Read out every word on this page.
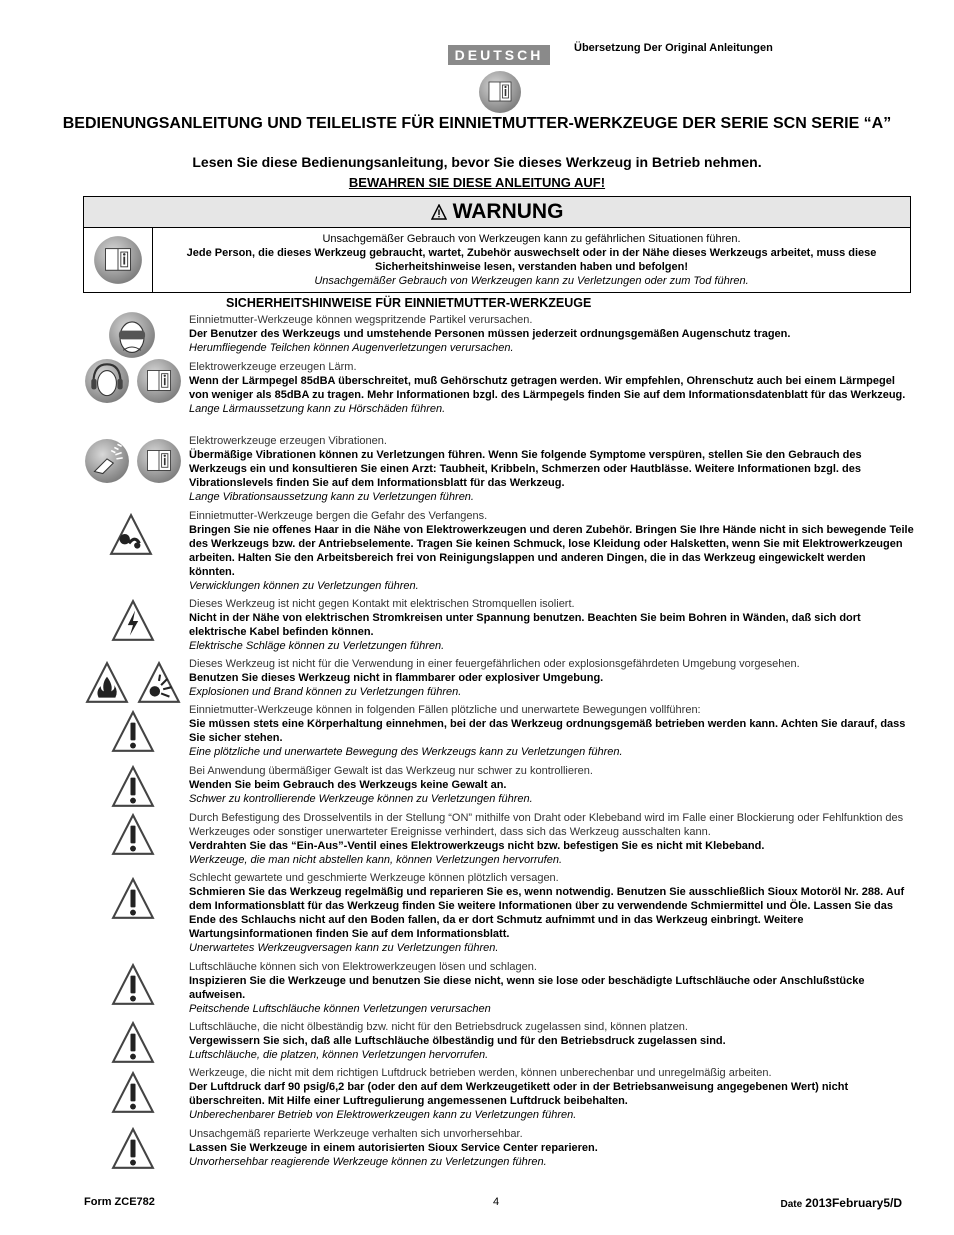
DEUTSCH	Übersetzung Der Original Anleitungen
BEDIENUNGSANLEITUNG UND TEILELISTE FÜR EINNIETMUTTER-WERKZEUGE DER SERIE SCN SERIE “A”
Lesen Sie diese Bedienungsanleitung, bevor Sie dieses Werkzeug in Betrieb nehmen.
BEWAHREN SIE DIESE ANLEITUNG AUF!
WARNUNG
Unsachgemäßer Gebrauch von Werkzeugen kann zu gefährlichen Situationen führen.
Jede Person, die dieses Werkzeug gebraucht, wartet, Zubehör auswechselt oder in der Nähe dieses Werkzeugs arbeitet, muss diese Sicherheitshinweise lesen, verstanden haben und befolgen!
Unsachgemäßer Gebrauch von Werkzeugen kann zu Verletzungen oder zum Tod führen.
SICHERHEITSHINWEISE FÜR EINNIETMUTTER-WERKZEUGE
Einnietmutter-Werkzeuge können wegspritzende Partikel verursachen.
Der Benutzer des Werkzeugs und umstehende Personen müssen jederzeit ordnungsgemäßen Augenschutz tragen.
Herumfliegende Teilchen können Augenverletzungen verursachen.
Elektrowerkzeuge erzeugen Lärm.
Wenn der Lärmpegel 85dBA überschreitet, muß Gehörschutz getragen werden. Wir empfehlen, Ohrenschutz auch bei einem Lärmpegel von weniger als 85dBA zu tragen. Mehr Informationen bzgl. des Lärmpegels finden Sie auf dem Informationsdatenblatt für das Werkzeug.
Lange Lärmaussetzung kann zu Hörschäden führen.
Elektrowerkzeuge erzeugen Vibrationen.
Übermäßige Vibrationen können zu Verletzungen führen. Wenn Sie folgende Symptome verspüren, stellen Sie den Gebrauch des Werkzeugs ein und konsultieren Sie einen Arzt: Taubheit, Kribbeln, Schmerzen oder Hautblässe. Weitere Informationen bzgl. des Vibrationslevels finden Sie auf dem Informationsblatt für das Werkzeug.
Lange Vibrationsaussetzung kann zu Verletzungen führen.
Einnietmutter-Werkzeuge bergen die Gefahr des Verfangens.
Bringen Sie nie offenes Haar in die Nähe von Elektrowerkzeugen und deren Zubehör. Bringen Sie Ihre Hände nicht in sich bewegende Teile des Werkzeugs bzw. der Antriebselemente. Tragen Sie keinen Schmuck, lose Kleidung oder Halsketten, wenn Sie mit Elektrowerkzeugen arbeiten. Halten Sie den Arbeitsbereich frei von Reinigungslappen und anderen Dingen, die in das Werkzeug eingewickelt werden könnten.
Verwicklungen können zu Verletzungen führen.
Dieses Werkzeug ist nicht gegen Kontakt mit elektrischen Stromquellen isoliert.
Nicht in der Nähe von elektrischen Stromkreisen unter Spannung benutzen. Beachten Sie beim Bohren in Wänden, daß sich dort elektrische Kabel befinden können.
Elektrische Schläge können zu Verletzungen führen.
Dieses Werkzeug ist nicht für die Verwendung in einer feuergefährlichen oder explosionsgefährdeten Umgebung vorgesehen.
Benutzen Sie dieses Werkzeug nicht in flammbarer oder explosiver Umgebung.
Explosionen und Brand können zu Verletzungen führen.
Einnietmutter-Werkzeuge können in folgenden Fällen plötzliche und unerwartete Bewegungen vollführen:
Sie müssen stets eine Körperhaltung einnehmen, bei der das Werkzeug ordnungsgemäß betrieben werden kann. Achten Sie darauf, dass Sie sicher stehen.
Eine plötzliche und unerwartete Bewegung des Werkzeugs kann zu Verletzungen führen.
Bei Anwendung übermäßiger Gewalt ist das Werkzeug nur schwer zu kontrollieren.
Wenden Sie beim Gebrauch des Werkzeugs keine Gewalt an.
Schwer zu kontrollierende Werkzeuge können zu Verletzungen führen.
Durch Befestigung des Drosselventils in der Stellung “ON” mithilfe von Draht oder Klebeband wird im Falle einer Blockierung oder Fehlfunktion des Werkzeuges oder sonstiger unerwarteter Ereignisse verhindert, dass sich das Werkzeug ausschalten kann.
Verdrahten Sie das “Ein-Aus”-Ventil eines Elektrowerkzeugs nicht bzw. befestigen Sie es nicht mit Klebeband.
Werkzeuge, die man nicht abstellen kann, können Verletzungen hervorrufen.
Schlecht gewartete und geschmierte Werkzeuge können plötzlich versagen.
Schmieren Sie das Werkzeug regelmäßig und reparieren Sie es, wenn notwendig. Benutzen Sie ausschließlich Sioux Motoröl Nr. 288. Auf dem Informationsblatt für das Werkzeug finden Sie weitere Informationen über zu verwendende Schmiermittel und Öle. Lassen Sie das Ende des Schlauchs nicht auf den Boden fallen, da er dort Schmutz aufnimmt und in das Werkzeug einbringt. Weitere Wartungsinformationen finden Sie auf dem Informationsblatt.
Unerwartetes Werkzeugversagen kann zu Verletzungen führen.
Luftschläuche können sich von Elektrowerkzeugen lösen und schlagen.
Inspizieren Sie die Werkzeuge und benutzen Sie diese nicht, wenn sie lose oder beschädigte Luftschläuche oder Anschlußstücke aufweisen.
Peitschende Luftschläuche können Verletzungen verursachen
Luftschläuche, die nicht ölbeständig bzw. nicht für den Betriebsdruck zugelassen sind, können platzen.
Vergewissern Sie sich, daß alle Luftschläuche ölbeständig und für den Betriebsdruck zugelassen sind.
Luftschläuche, die platzen, können Verletzungen hervorrufen.
Werkzeuge, die nicht mit dem richtigen Luftdruck betrieben werden, können unberechenbar und unregelmäßig arbeiten.
Der Luftdruck darf 90 psig/6,2 bar (oder den auf dem Werkzeugetikett oder in der Betriebsanweisung angegebenen Wert) nicht überschreiten. Mit Hilfe einer Luftregulierung angemessenen Luftdruck beibehalten.
Unberechenbarer Betrieb von Elektrowerkzeugen kann zu Verletzungen führen.
Unsachgemäß reparierte Werkzeuge verhalten sich unvorhersehbar.
Lassen Sie Werkzeuge in einem autorisierten Sioux Service Center reparieren.
Unvorhersehbar reagierende Werkzeuge können zu Verletzungen führen.
Form ZCE782	4	Date 2013February5/D
